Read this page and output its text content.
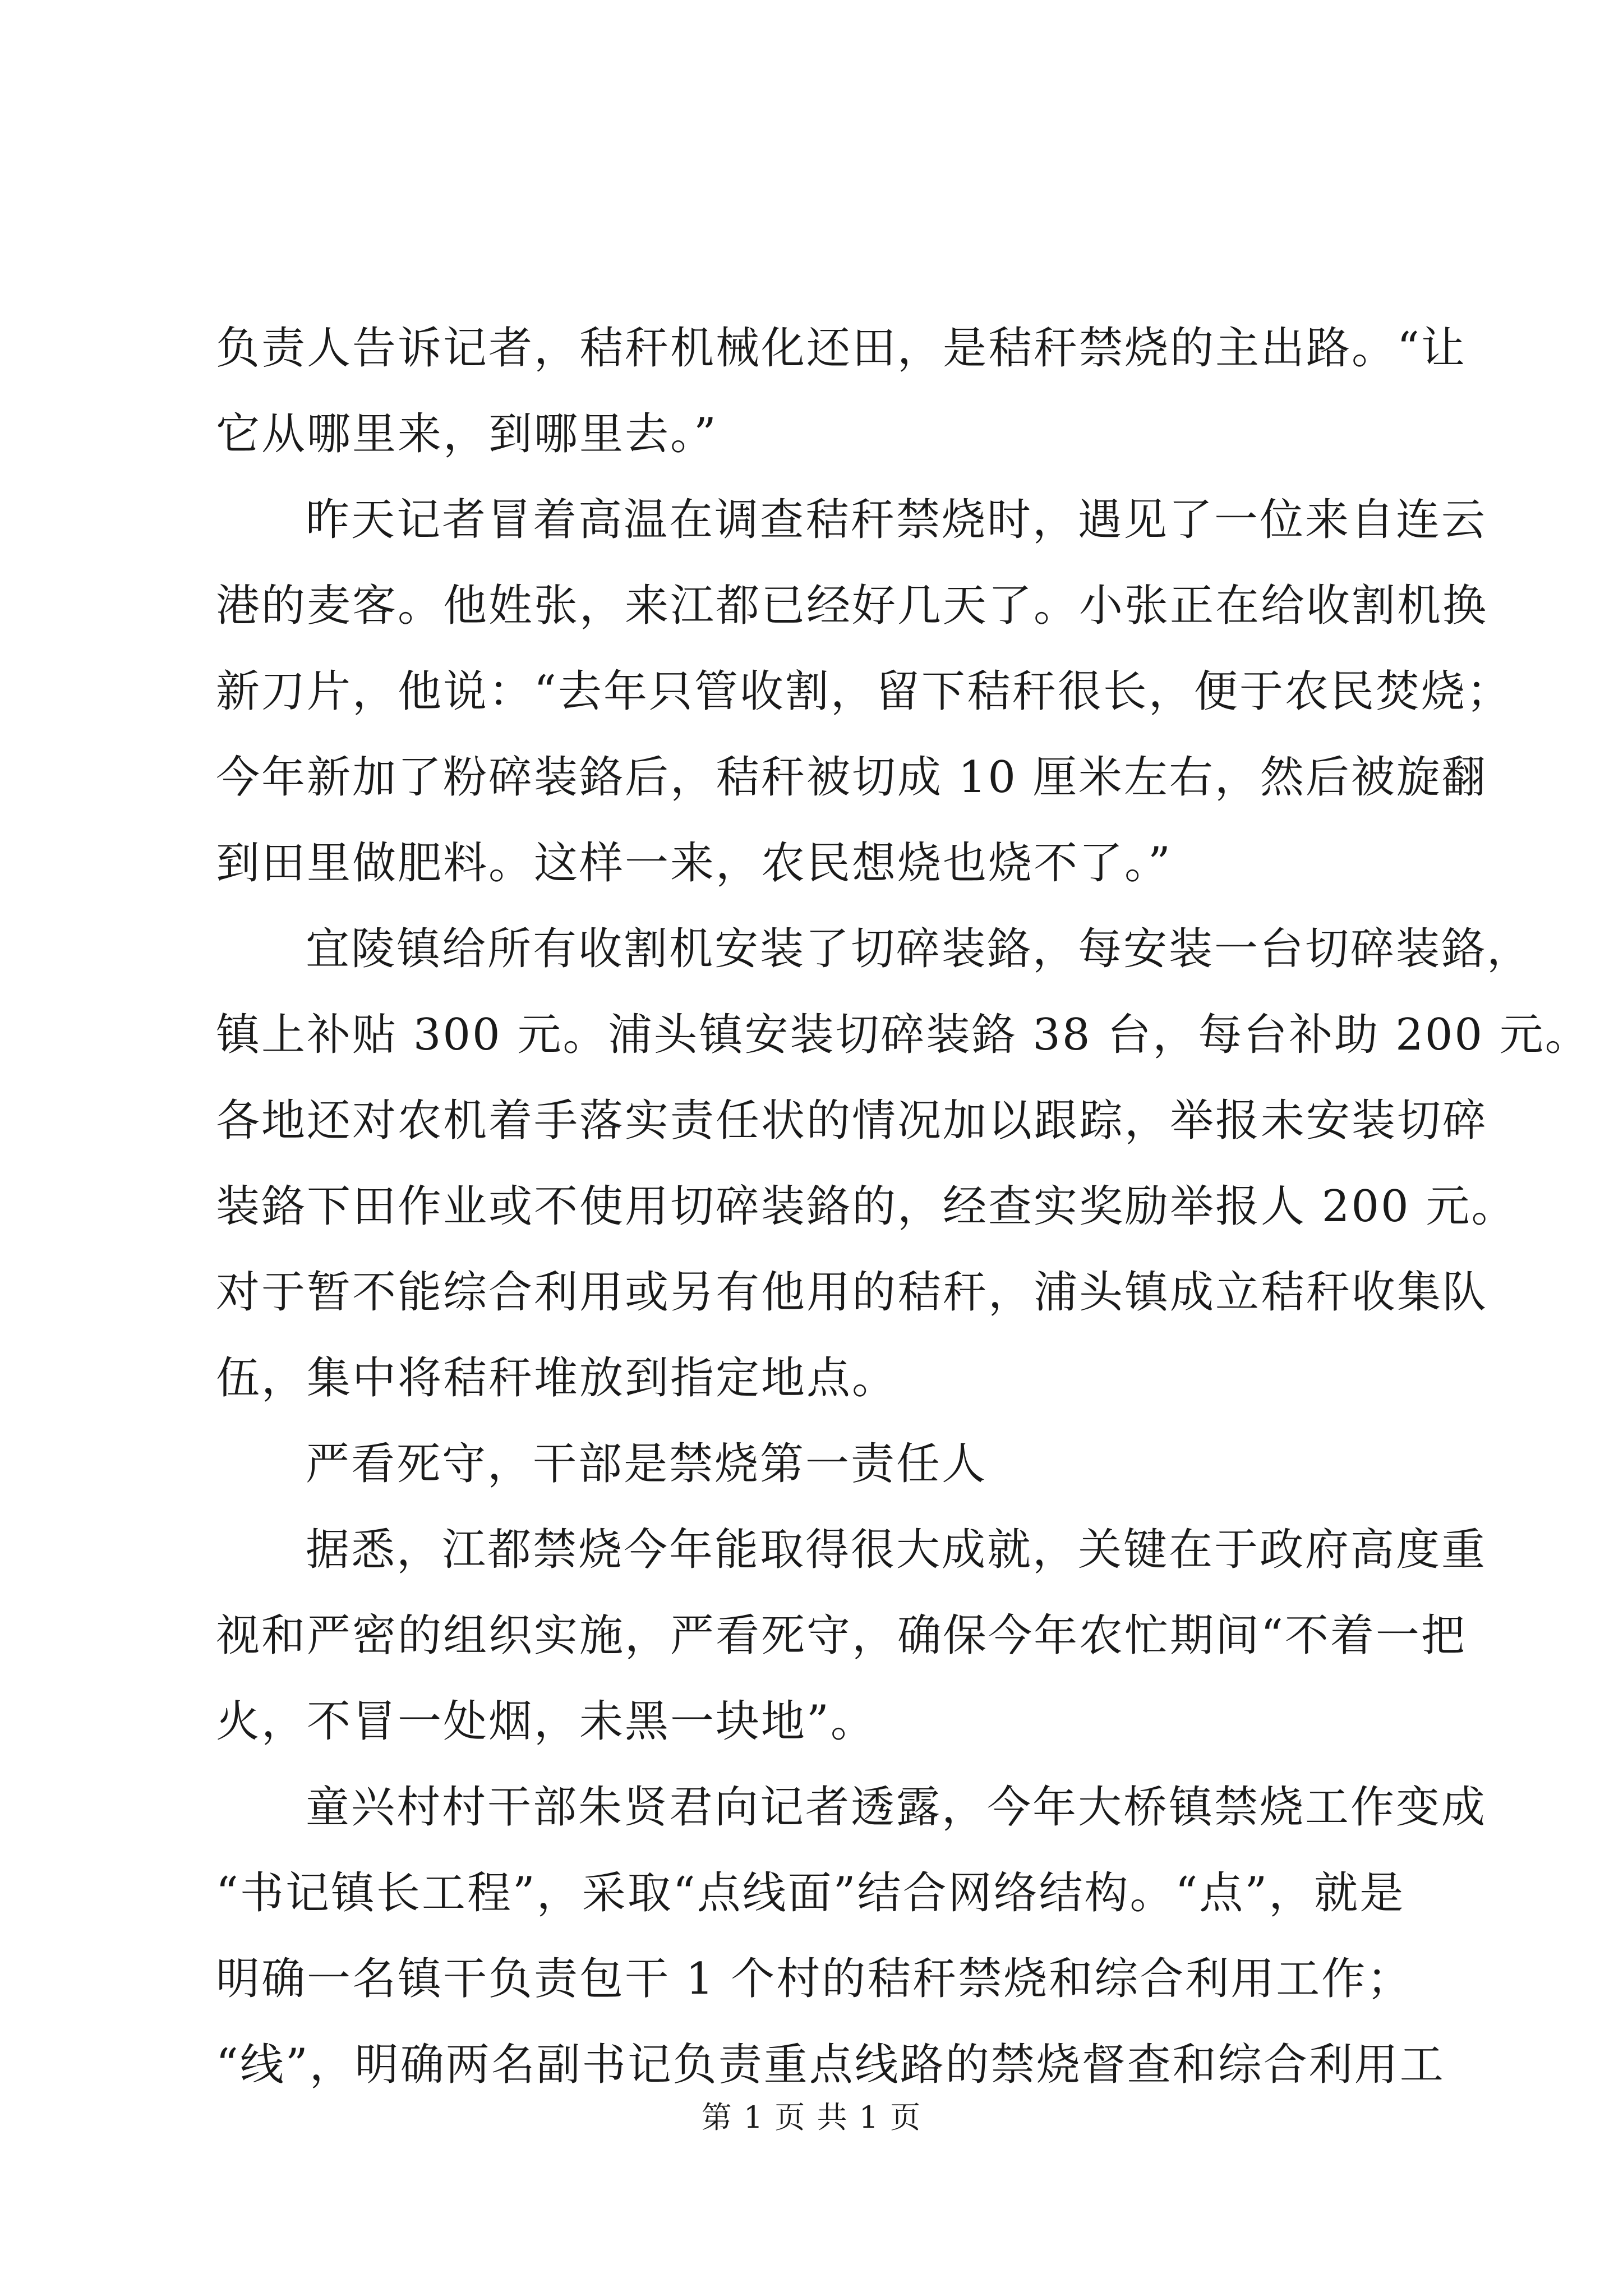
负责人告诉记者，秸秆机械化还田，是秸秆禁烧的主出路。“让
它从哪里来，到哪里去。”
昨天记者冒着高温在调查秸秆禁烧时，遇见了一位来自连云
港的麦客。他姓张，来江都已经好几天了。小张正在给收割机换
新刀片，他说：“去年只管收割，留下秸秆很长，便于农民焚烧；
今年新加了粉碎装鉻后，秸秆被切成 10 厘米左右，然后被旋翻
到田里做肥料。这样一来，农民想烧也烧不了。”
宜陵镇给所有收割机安装了切碎装鉻，每安装一台切碎装鉻，
镇上补贴 300 元。浦头镇安装切碎装鉻 38 台，每台补助 200 元。
各地还对农机着手落实责任状的情况加以跟踪，举报未安装切碎
装鉻下田作业或不使用切碎装鉻的，经查实奖励举报人 200 元。
对于暂不能综合利用或另有他用的秸秆，浦头镇成立秸秆收集队
伍，集中将秸秆堆放到指定地点。
严看死守，干部是禁烧第一责任人
据悉，江都禁烧今年能取得很大成就，关键在于政府高度重
视和严密的组织实施，严看死守，确保今年农忙期间“不着一把
火，不冒一处烟，未黑一块地”。
童兴村村干部朱贤君向记者透露，今年大桥镇禁烧工作变成
“书记镇长工程”，采取“点线面”结合网络结构。“点”，就是
明确一名镇干负责包干 1 个村的秸秆禁烧和综合利用工作；
“线”，明确两名副书记负责重点线路的禁烧督查和综合利用工
第 1 页 共 1 页
